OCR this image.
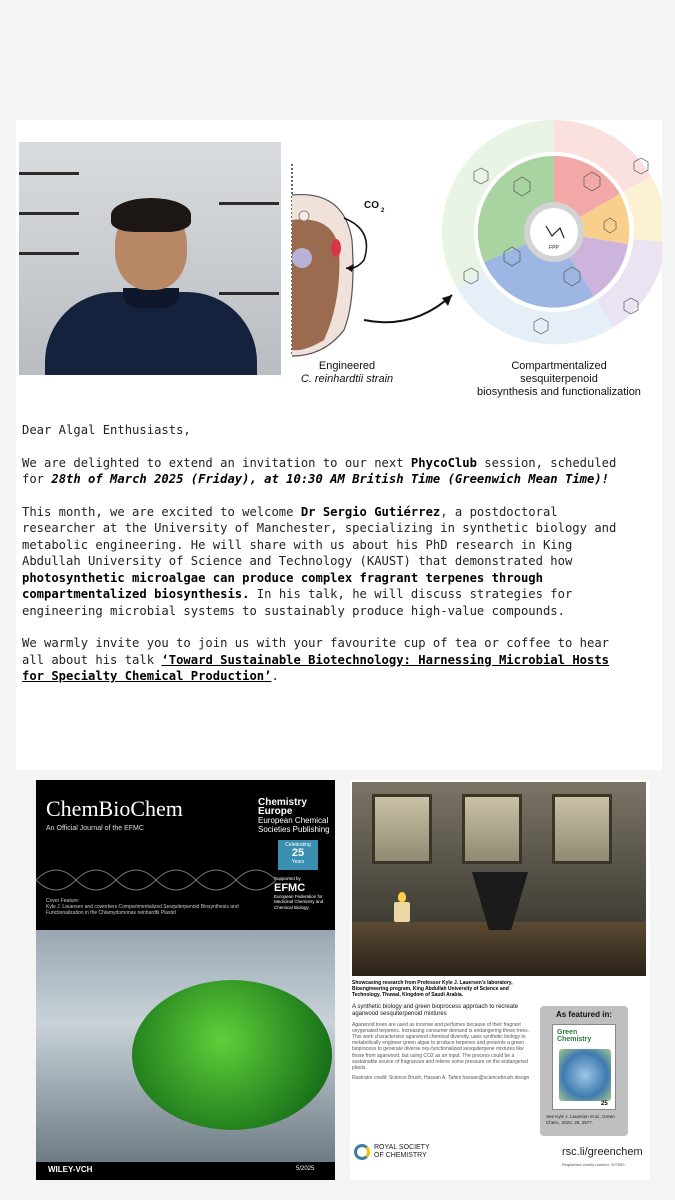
CO 2
FPP
Engineered
C. reinhardtii strain
Compartmentalized sesquiterpenoid
biosynthesis and functionalization

Dear Algal Enthusiasts,

We are delighted to extend an invitation to our next PhycoClub session, scheduled for 28th of March 2025 (Friday), at 10:30 AM British Time (Greenwich Mean Time)!

This month, we are excited to welcome Dr Sergio Gutiérrez, a postdoctoral researcher at the University of Manchester, specializing in synthetic biology and metabolic engineering. He will share with us about his PhD research in King Abdullah University of Science and Technology (KAUST) that demonstrated how photosynthetic microalgae can produce complex fragrant terpenes through compartmentalized biosynthesis. In his talk, he will discuss strategies for engineering microbial systems to sustainably produce high-value compounds.

We warmly invite you to join us with your favourite cup of tea or coffee to hear all about his talk ‘Toward Sustainable Biotechnology: Harnessing Microbial Hosts for Specialty Chemical Production’.

ChemBioChem
An Official Journal of the EFMC
Chemistry
Europe
European Chemical
Societies Publishing
Celebrating
25
Years
Supported by
EFMC
European Federation for Medicinal Chemistry and Chemical Biology
Cover Feature:
Kyle J. Lauersen and coworkers Compartmentalized Sesquiterpenoid Biosynthesis and Functionalization in the Chlamydomonas reinhardtii Plastid
WILEY-VCH	5/2025
Showcasing research from Professor Kyle J. Lauersen's laboratory, Bioengineering program, King Abdullah University of Science and Technology, Thuwal, Kingdom of Saudi Arabia.
A synthetic biology and green bioprocess approach to recreate agarwood sesquiterpenoid mixtures
Agarwood trees are used as incense and perfumes because of their fragrant oxygenated terpenes. Increasing consumer demand is endangering these trees. This work characterizes agarwood chemical diversity, uses synthetic biology to metabolically engineer green algae to produce terpenes and presents a green bioprocess to generate diverse oxy-functionalized sesquiterpene mixtures like those from agarwood, but using CO2 as an input. The process could be a sustainable source of fragrances and relieve some pressure on the endangered plants.
Illustrator credit: Science Brush, Hassan A. Tahini hassan@sciencebrush.design
As featured in:
Green
Chemistry
25
See Kyle J. Lauersen et al., Green Chem., 2024, 26, 2577.
ROYAL SOCIETY
OF CHEMISTRY	rsc.li/greenchem
Registered charity number: 207890
